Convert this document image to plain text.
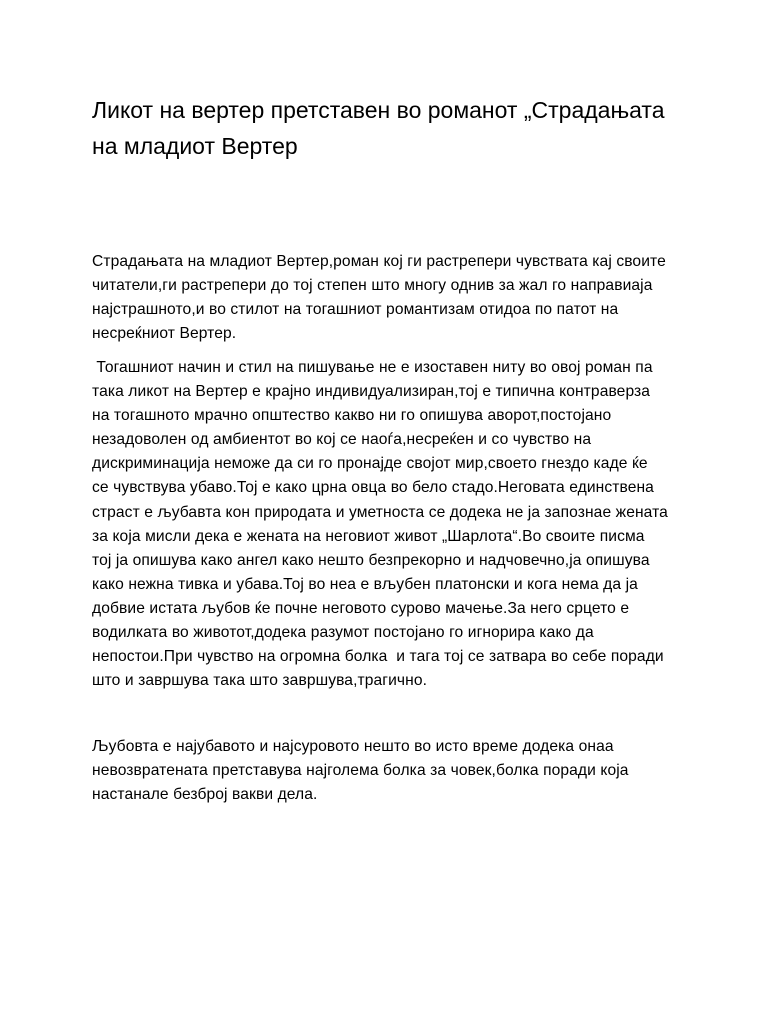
Ликот на вертер претставен во романот „Страдањата
на младиот Вертер

Страдањата на младиот Вертер,роман кој ги растрепери чувствата кај своите
читатели,ги растрепери до тој степен што многу однив за жал го направиаја
најстрашното,и во стилот на тогашниот романтизам отидоа по патот на
несреќниот Вертер.

Тогашниот начин и стил на пишување не е изоставен ниту во овој роман па
така ликот на Вертер е крајно индивидуализиран,тој е типична контраверза
на тогашното мрачно општество какво ни го опишува аворот,постојано
незадоволен од амбиентот во кој се наоѓа,несреќен и со чувство на
дискриминација неможе да си го пронајде својот мир,своето гнездо каде ќе
се чувствува убаво.Тој е како црна овца во бело стадо.Неговата единствена
страст е љубавта кон природата и уметноста се додека не ја запознае жената
за која мисли дека е жената на неговиот живот „Шарлота“.Во своите писма
тој ја опишува како ангел како нешто безпрекорно и надчовечно,ја опишува
како нежна тивка и убава.Тој во неа е вљубен платонски и кога нема да ја
добвие истата љубов ќе почне неговото сурово мачење.За него срцето е
водилката во животот,додека разумот постојано го игнорира како да
непостои.При чувство на огромна болка  и тага тој се затвара во себе поради
што и завршува така што завршува,трагично.

Љубовта е најубавото и најсуровото нешто во исто време додека онаа
невозвратената претставува најголема болка за човек,болка поради која
настанале безброј вакви дела.
